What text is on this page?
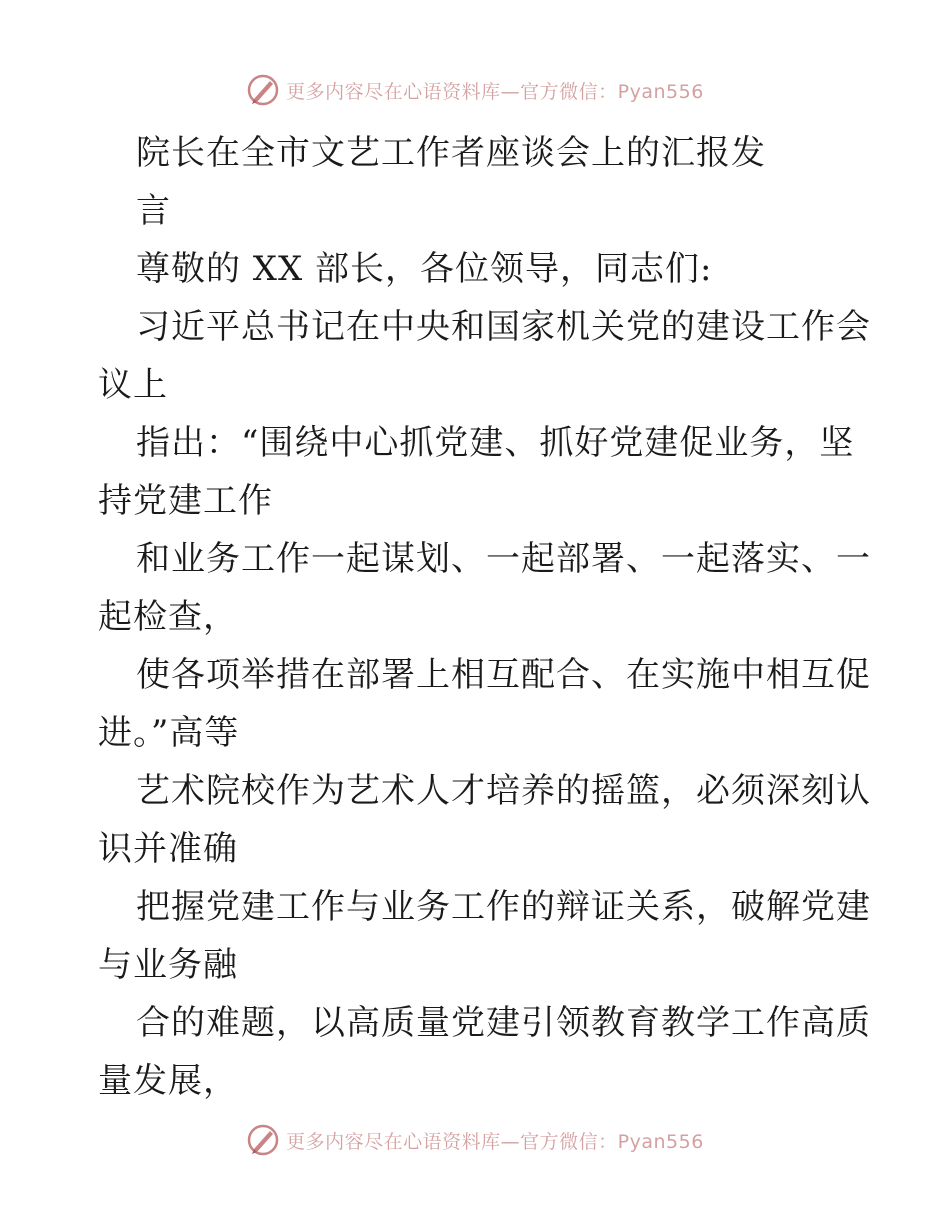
更多内容尽在心语资料库—官方微信：Pyan556
院长在全市文艺工作者座谈会上的汇报发
言
尊敬的 XX 部长，各位领导，同志们:
习近平总书记在中央和国家机关党的建设工作会
议上
指出：“围绕中心抓党建、抓好党建促业务，坚
持党建工作
和业务工作一起谋划、一起部署、一起落实、一
起检查，
使各项举措在部署上相互配合、在实施中相互促
进。”高等
艺术院校作为艺术人才培养的摇篮，必须深刻认
识并准确
把握党建工作与业务工作的辩证关系，破解党建
与业务融
合的难题，以高质量党建引领教育教学工作高质
量发展，
更多内容尽在心语资料库—官方微信：Pyan556
